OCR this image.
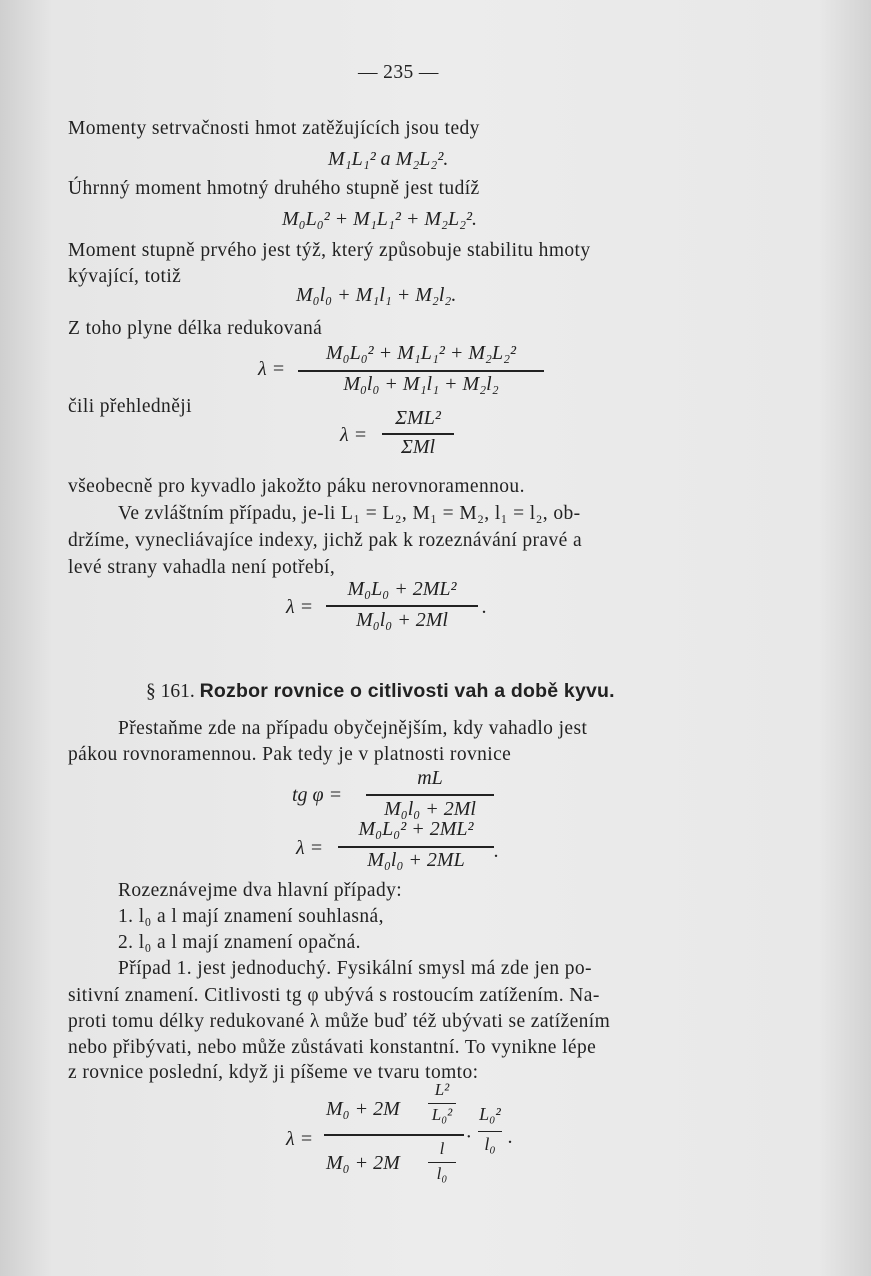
— 235 —
Momenty setrvačnosti hmot zatěžujících jsou tedy
M₁L₁² a M₂L₂².
Úhrnný moment hmotný druhého stupně jest tudíž
M₀L₀² + M₁L₁² + M₂L₂².
Moment stupně prvého jest týž, který způsobuje stabilitu hmoty
kývající, totiž
M₀l₀ + M₁l₁ + M₂l₂.
Z toho plyne délka redukovaná
λ =
M₀L₀² + M₁L₁² + M₂L₂²
M₀l₀ + M₁l₁ + M₂l₂
čili přehledněji
λ =
ΣML²
ΣMl
všeobecně pro kyvadlo jakožto páku nerovnoramennou.
Ve zvláštním případu, je-li L₁ = L₂, M₁ = M₂, l₁ = l₂, ob-
držíme, vynecliávajíce indexy, jichž pak k rozeznávání pravé a
levé strany vahadla není potřebí,
λ =
M₀L₀ + 2ML²
M₀l₀ + 2Ml
.
§ 161. Rozbor rovnice o citlivosti vah a době kyvu.
Přestaňme zde na případu obyčejnějším, kdy vahadlo jest
pákou rovnoramennou. Pak tedy je v platnosti rovnice
tg φ =
mL
M₀l₀ + 2Ml
λ =
M₀L₀² + 2ML²
M₀l₀ + 2ML	.
Rozeznávejme dva hlavní případy:
1. l₀ a l mají znamení souhlasná,
2. l₀ a l mají znamení opačná.
Případ 1. jest jednoduchý. Fysikální smysl má zde jen po-
sitivní znamení. Citlivosti tg φ ubývá s rostoucím zatížením. Na-
proti tomu délky redukované λ může buď též ubývati se zatížením
nebo přibývati, nebo může zůstávati konstantní. To vynikne lépe
z rovnice poslední, když ji píšeme ve tvaru tomto:
λ =
M₀ + 2M
L²
L₀²
M₀ + 2M
l
l₀
·
L₀²
l₀ .
